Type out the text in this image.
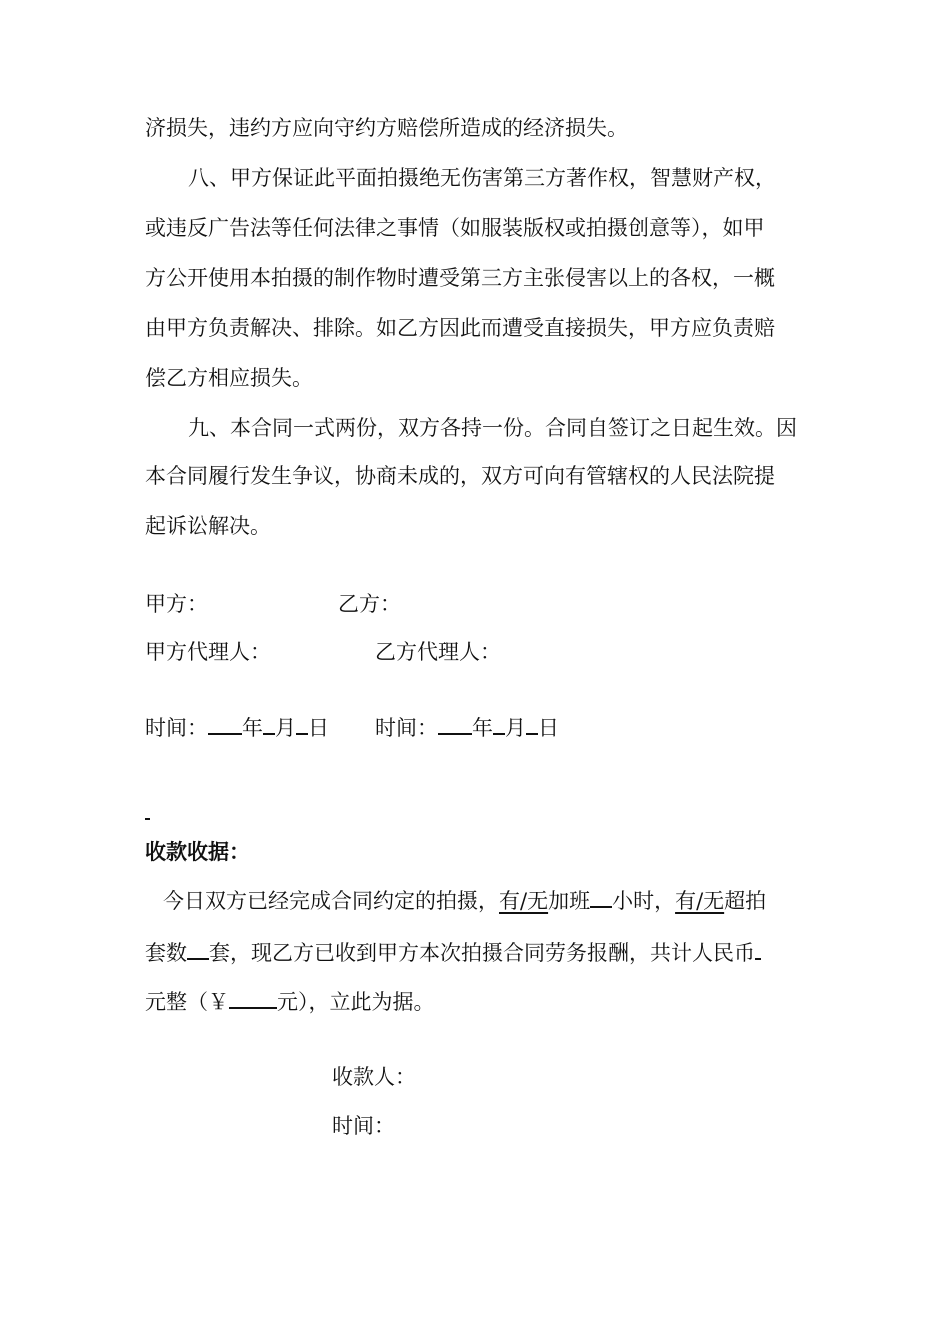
济损失，违约方应向守约方赔偿所造成的经济损失。
八、甲方保证此平面拍摄绝无伤害第三方著作权，智慧财产权，
或违反广告法等任何法律之事情（如服装版权或拍摄创意等），如甲
方公开使用本拍摄的制作物时遭受第三方主张侵害以上的各权，一概
由甲方负责解决、排除。如乙方因此而遭受直接损失，甲方应负责赔
偿乙方相应损失。
九、本合同一式两份，双方各持一份。合同自签订之日起生效。因
本合同履行发生争议，协商未成的，双方可向有管辖权的人民法院提
起诉讼解决。
甲方：	乙方：
甲方代理人：	乙方代理人：
时间： 年 月 日 时间： 年 月 日
收款收据：
今日双方已经完成合同约定的拍摄，有/无加班 小时，有/无超拍
套数 套，现乙方已收到甲方本次拍摄合同劳务报酬，共计人民币
元整（￥ 元），立此为据。
收款人：
时间：
